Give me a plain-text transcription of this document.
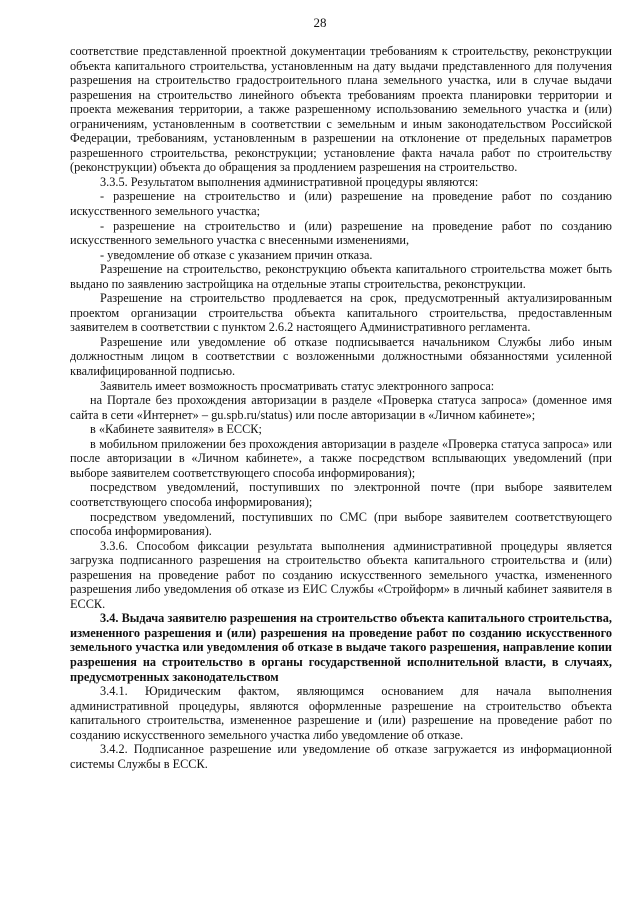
28

соответствие представленной проектной документации требованиям к строительству, реконструкции объекта капитального строительства, установленным на дату выдачи представленного для получения разрешения на строительство градостроительного плана земельного участка, или в случае выдачи разрешения на строительство линейного объекта требованиям проекта планировки территории и проекта межевания территории, а также разрешенному использованию земельного участка и (или) ограничениям, установленным в соответствии с земельным и иным законодательством Российской Федерации, требованиям, установленным в разрешении на отклонение от предельных параметров разрешенного строительства, реконструкции; установление факта начала работ по строительству (реконструкции) объекта до обращения за продлением разрешения на строительство.

3.3.5. Результатом выполнения административной процедуры являются:

- разрешение на строительство и (или) разрешение на проведение работ по созданию искусственного земельного участка;

- разрешение на строительство и (или) разрешение на проведение работ по созданию искусственного земельного участка с внесенными изменениями,

- уведомление об отказе с указанием причин отказа.

Разрешение на строительство, реконструкцию объекта капитального строительства может быть выдано по заявлению застройщика на отдельные этапы строительства, реконструкции.

Разрешение на строительство продлевается на срок, предусмотренный актуализированным проектом организации строительства объекта капитального строительства, предоставленным заявителем в соответствии с пунктом 2.6.2 настоящего Административного регламента.

Разрешение или уведомление об отказе подписывается начальником Службы либо иным должностным лицом в соответствии с возложенными должностными обязанностями усиленной квалифицированной подписью.

Заявитель имеет возможность просматривать статус электронного запроса:

на Портале без прохождения авторизации в разделе «Проверка статуса запроса» (доменное имя сайта в сети «Интернет» – gu.spb.ru/status) или после авторизации в «Личном кабинете»;

в «Кабинете заявителя» в ЕССК;

в мобильном приложении без прохождения авторизации в разделе «Проверка статуса запроса» или после авторизации в «Личном кабинете», а также посредством всплывающих уведомлений (при выборе заявителем соответствующего способа информирования);

посредством уведомлений, поступивших по электронной почте (при выборе заявителем соответствующего способа информирования);

посредством уведомлений, поступивших по СМС (при выборе заявителем соответствующего способа информирования).

3.3.6. Способом фиксации результата выполнения административной процедуры является загрузка подписанного разрешения на строительство объекта капитального строительства и (или) разрешения на проведение работ по созданию искусственного земельного участка, измененного разрешения либо уведомления об отказе из ЕИС Службы «Стройформ» в личный кабинет заявителя в ЕССК.

3.4. Выдача заявителю разрешения на строительство объекта капитального строительства, измененного разрешения и (или) разрешения на проведение работ по созданию искусственного земельного участка или уведомления об отказе в выдаче такого разрешения, направление копии разрешения на строительство в органы государственной исполнительной власти, в случаях, предусмотренных законодательством

3.4.1. Юридическим фактом, являющимся основанием для начала выполнения административной процедуры, являются оформленные разрешение на строительство объекта капитального строительства, измененное разрешение и (или) разрешение на проведение работ по созданию искусственного земельного участка либо уведомление об отказе.

3.4.2. Подписанное разрешение или уведомление об отказе загружается из информационной системы Службы в ЕССК.
